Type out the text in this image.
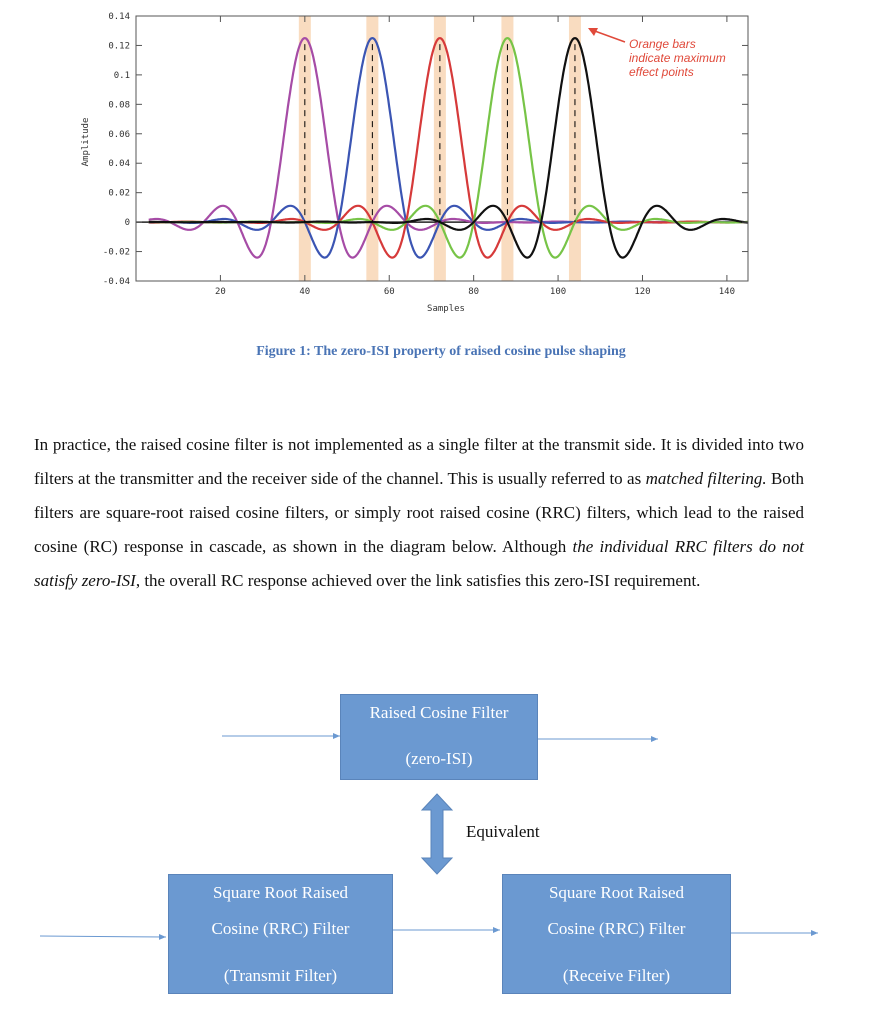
20	40	60	80	100	120	140
0.14
0.12
0.1
0.08
0.06
0.04
0.02
0
-0.02
-0.04
Amplitude
Samples
Orange bars
indicate maximum
effect points
Figure 1: The zero-ISI property of raised cosine pulse shaping
In practice, the raised cosine filter is not implemented as a single filter at the transmit side. It is divided into two filters at the transmitter and the receiver side of the channel. This is usually referred to as matched filtering. Both filters are square-root raised cosine filters, or simply root raised cosine (RRC) filters, which lead to the raised cosine (RC) response in cascade, as shown in the diagram below. Although the individual RRC filters do not satisfy zero-ISI, the overall RC response achieved over the link satisfies this zero-ISI requirement.
Raised Cosine Filter
(zero-ISI)
Equivalent
Square Root Raised
Cosine (RRC) Filter
(Transmit Filter)
Square Root Raised
Cosine (RRC) Filter
(Receive Filter)
